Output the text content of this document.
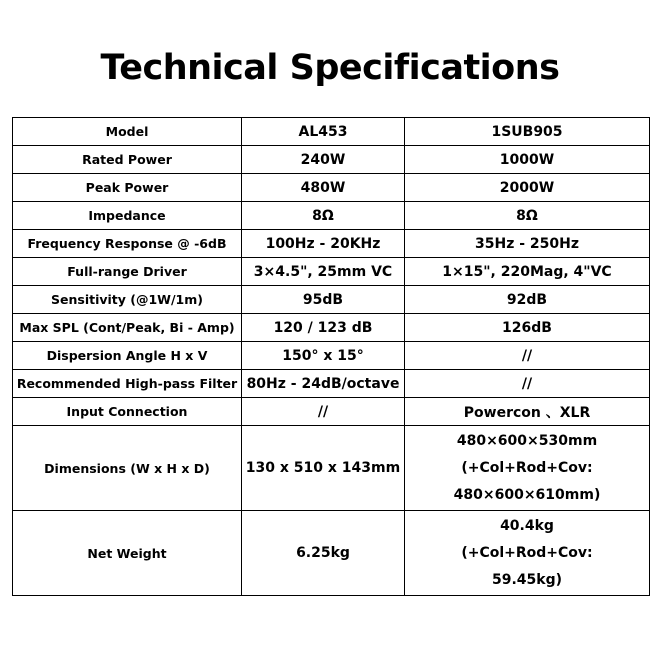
Technical Specifications
Model	AL453	1SUB905
Rated Power	240W	1000W
Peak Power	480W	2000W
Impedance	8Ω	8Ω
Frequency Response @ -6dB	100Hz - 20KHz	35Hz - 250Hz
Full-range Driver	3×4.5", 25mm VC	1×15", 220Mag, 4"VC
Sensitivity (@1W/1m)	95dB	92dB
Max SPL (Cont/Peak, Bi - Amp)	120 / 123 dB	126dB
Dispersion Angle H x V	150° x 15°	//
Recommended High-pass Filter	80Hz - 24dB/octave	//
Input Connection	//	Powercon 、XLR
Dimensions (W x H x D)	130 x 510 x 143mm	480×600×530mm
(+Col+Rod+Cov:
480×600×610mm)

Net Weight	6.25kg	40.4kg
(+Col+Rod+Cov:
59.45kg)
